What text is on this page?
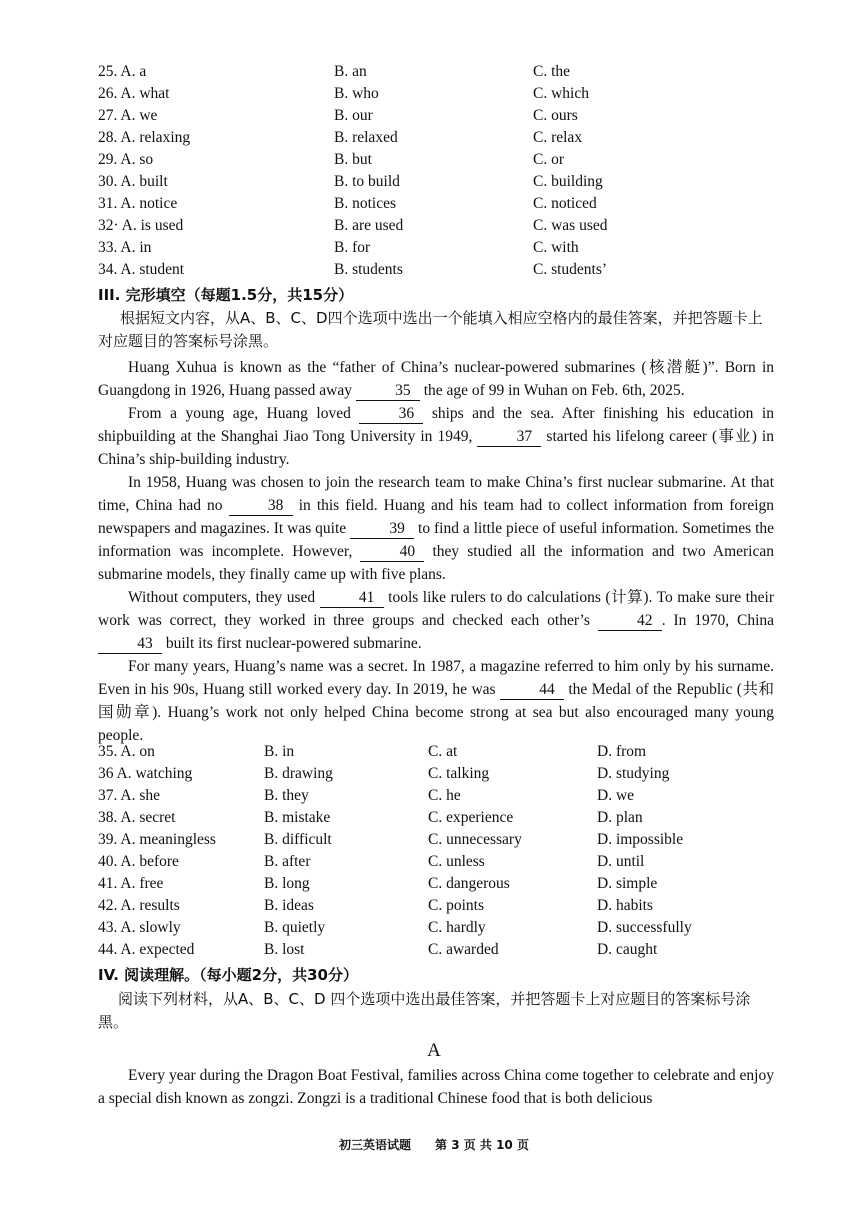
25. A. a	B. an	C. the
26. A. what	B. who	C. which
27. A. we	B. our	C. ours
28. A. relaxing	B. relaxed	C. relax
29. A. so	B. but	C. or
30. A. built	B. to build	C. building
31. A. notice	B. notices	C. noticed
32· A. is used	B. are used	C. was used
33. A. in	B. for	C. with
34. A. student	B. students	C. students’
III. 完形填空（每题1.5分，共15分）
根据短文内容，从A、B、C、D四个选项中选出一个能填入相应空格内的最佳答案，并把答题卡上对应题目的答案标号涂黑。

Huang Xuhua is known as the “father of China’s nuclear-powered submarines (核潜艇)”. Born in Guangdong in 1926, Huang passed away	35 the age of 99 in Wuhan on Feb. 6th, 2025.

From a young age, Huang loved	36 ships and the sea. After finishing his education in shipbuilding at the Shanghai Jiao Tong University in 1949,	37 started his lifelong career (事业) in China’s ship-building industry.

In 1958, Huang was chosen to join the research team to make China’s first nuclear submarine. At that time, China had no	38 in this field. Huang and his team had to collect information from foreign newspapers and magazines. It was quite	39 to find a little piece of useful information. Sometimes the information was incomplete. However,	40 they studied all the information and two American submarine models, they finally came up with five plans.

Without computers, they used	41 tools like rulers to do calculations (计算). To make sure their work was correct, they worked in three groups and checked each other’s	42 . In 1970, China 43 built its first nuclear-powered submarine.

For many years, Huang’s name was a secret. In 1987, a magazine referred to him only by his surname. Even in his 90s, Huang still worked every day. In 2019, he was	44 the Medal of the Republic (共和国勋章). Huang’s work not only helped China become strong at sea but also encouraged many young people.

35. A. on	B. in	C. at	D. from
36 A. watching	B. drawing	C. talking	D. studying
37. A. she	B. they	C. he	D. we
38. A. secret	B. mistake	C. experience	D. plan
39. A. meaningless	B. difficult	C. unnecessary	D. impossible
40. A. before	B. after	C. unless	D. until
41. A. free	B. long	C. dangerous	D. simple
42. A. results	B. ideas	C. points	D. habits
43. A. slowly	B. quietly	C. hardly	D. successfully
44. A. expected	B. lost	C. awarded	D. caught
IV. 阅读理解。（每小题2分，共30分）
阅读下列材料，从A、B、C、D 四个选项中选出最佳答案，并把答题卡上对应题目的答案标号涂黑。
A

Every year during the Dragon Boat Festival, families across China come together to celebrate and enjoy a special dish known as zongzi. Zongzi is a traditional Chinese food that is both delicious

初三英语试题　　第 3 页 共 10 页
